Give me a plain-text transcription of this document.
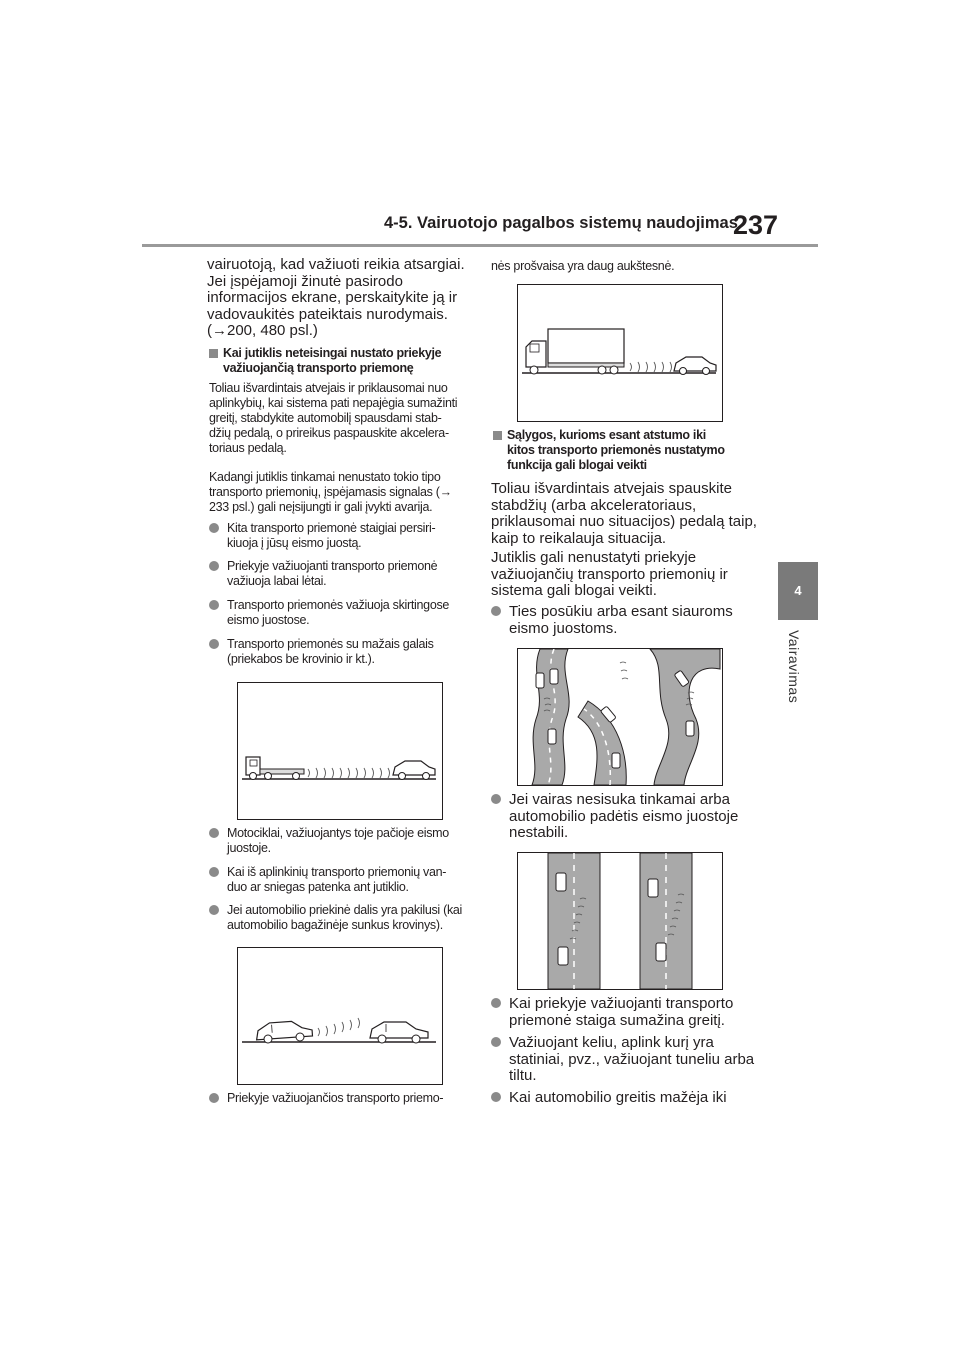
4-5. Vairuotojo pagalbos sistemų naudojimas
237
4
Vairavimas
vairuotoją, kad važiuoti reikia atsargiai.
Jei įspėjamoji žinutė pasirodo
informacijos ekrane, perskaitykite ją ir
vadovaukitės pateiktais nurodymais.
(→200, 480 psl.)
Kai jutiklis neteisingai nustato priekyje
važiuojančią transporto priemonę
Toliau išvardintais atvejais ir priklausomai nuo
aplinkybių, kai sistema pati nepajėgia sumažinti
greitį, stabdykite automobilį spausdami stab-
džių pedalą, o prireikus paspauskite akcelera-
toriaus pedalą.
Kadangi jutiklis tinkamai nenustato tokio tipo
transporto priemonių, įspėjamasis signalas (→
233 psl.) gali neįsijungti ir gali įvykti avarija.
Kita transporto priemonė staigiai persiri-
kiuoja į jūsų eismo juostą.
Priekyje važiuojanti transporto priemonė
važiuoja labai lėtai.
Transporto priemonės važiuoja skirtingose
eismo juostose.
Transporto priemonės su mažais galais
(priekabos be krovinio ir kt.).
Motociklai, važiuojantys toje pačioje eismo
juostoje.
Kai iš aplinkinių transporto priemonių van-
duo ar sniegas patenka ant jutiklio.
Jei automobilio priekinė dalis yra pakilusi (kai
automobilio bagažinėje sunkus krovinys).
Priekyje važiuojančios transporto priemo-
nės prošvaisa yra daug aukštesnė.
Sąlygos, kurioms esant atstumo iki
kitos transporto priemonės nustatymo
funkcija gali blogai veikti
Toliau išvardintais atvejais spauskite
stabdžių (arba akceleratoriaus,
priklausomai nuo situacijos) pedalą taip,
kaip to reikalauja situacija.
Jutiklis gali nenustatyti priekyje
važiuojančių transporto priemonių ir
sistema gali blogai veikti.
Ties posūkiu arba esant siauroms
eismo juostoms.
Jei vairas nesisuka tinkamai arba
automobilio padėtis eismo juostoje
nestabili.
Kai priekyje važiuojanti transporto
priemonė staiga sumažina greitį.
Važiuojant keliu, aplink kurį yra
statiniai, pvz., važiuojant tuneliu arba
tiltu.
Kai automobilio greitis mažėja iki
